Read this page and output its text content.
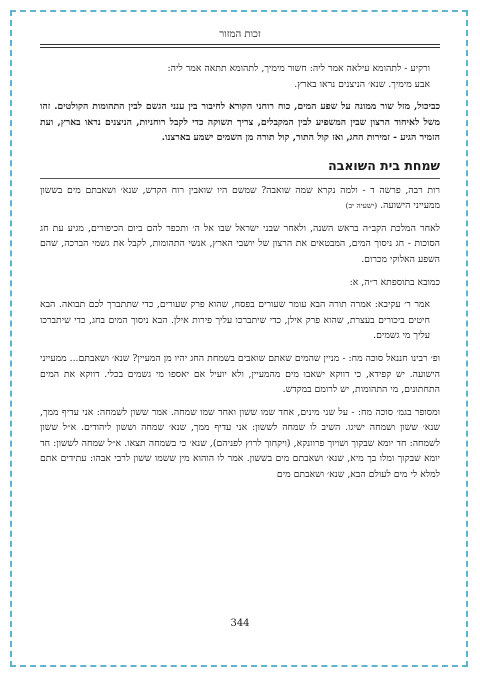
זכות המזור

ורקיע - לתהומא עילאה אמר ליה: חשור מימיך, לתהומא תתאה אמר ליה:
אבע מימיך. שנא׳ הניצנים נראו בארץ.

כביכול, מזל שור ממונה על שפע המים, כוח רוחני הקורא לחיבור בין ענני הגשם לבין התהומות הקולטים. זהו משל לאיחוד הרצון שבין המשפיע לבין המקבלים, צריך תשוקה כדי לקבל רוחניות, הניצנים נראו בארץ, ועת הזמיר הגיע - זמירות החג, ואז קול התור, קול תורה מן השמים ישמע בארצנו.

שמחת בית השואבה

רות רבה, פרשה ד - ולמה נקרא שמה שואבה? שמשם היו שואבין רוח הקדש, שנא׳ ושאבתם מים בששון ממעייני הישועה. (ישעיה יב)

לאחר המלכת הקב״ה בראש השנה, ולאחר שבני ישראל שבו אל ה׳ ותכפר להם ביום הכיפורים, מגיע עת חג הסוכות - חג ניסוך המים, המבטאים את הרצון של יושבי הארץ, אנשי התהומות, לקבל את גשמי הברכה, שהם השפע האלוקי מכרום.

כמובא בתוספתא ר״ה, א:

אמר ר׳ עקיבא: אמרה תורה הבא עומר שעורים בפסח, שהוא פרק שעורים, כדי שתתברך לכם תבואה. הבא חיטים ביכורים בעצרת, שהוא פרק אילן, כדי שיתברכו עליך פירות אילן. הבא ניסוך המים בחג, כדי שיתברכו עליך מי גשמים.

ופ׳ רבינו חננאל סוכה מח: - מניין שהמים שאתם שואבים בשמחת החג יהיו מן המעיין? שנא׳ ושאבתם... ממעייני הישועה. יש קפידא, כי דווקא ישאבו מים מהמעיין, ולא יועיל אם יאספו מי גשמים בכלי. דווקא את המים התחתונים, מי התהומות, יש לרומם במקדש.

ומסופר בגמ׳ סוכה מח: - על שני מינים, אחד שמו ששון ואחד שמו שמחה. אמר ששון לשמחה: אני עדיף ממך, שנא׳ ששון ושמחה ישיגו. השיב לו שמחה לששון: אני עדיף ממך, שנא׳ שמחה וששון ליהודים. א״ל ששון לשמחה: חד יומא שבקוך ושויוך פרוונקא, (ויקחוך לרוץ לפניהם), שנא׳ כי בשמחה תצאו. א״ל שמחה לששון: חד יומא שבקוך ומלו בך מיא, שנא׳ ושאבתם מים בששון. אמר לו הוהוא מין ששמו ששון לרבי אבהו: עתידים אתם למלא לי מים לעולם הבא, שנא׳ ושאבתם מים

344
